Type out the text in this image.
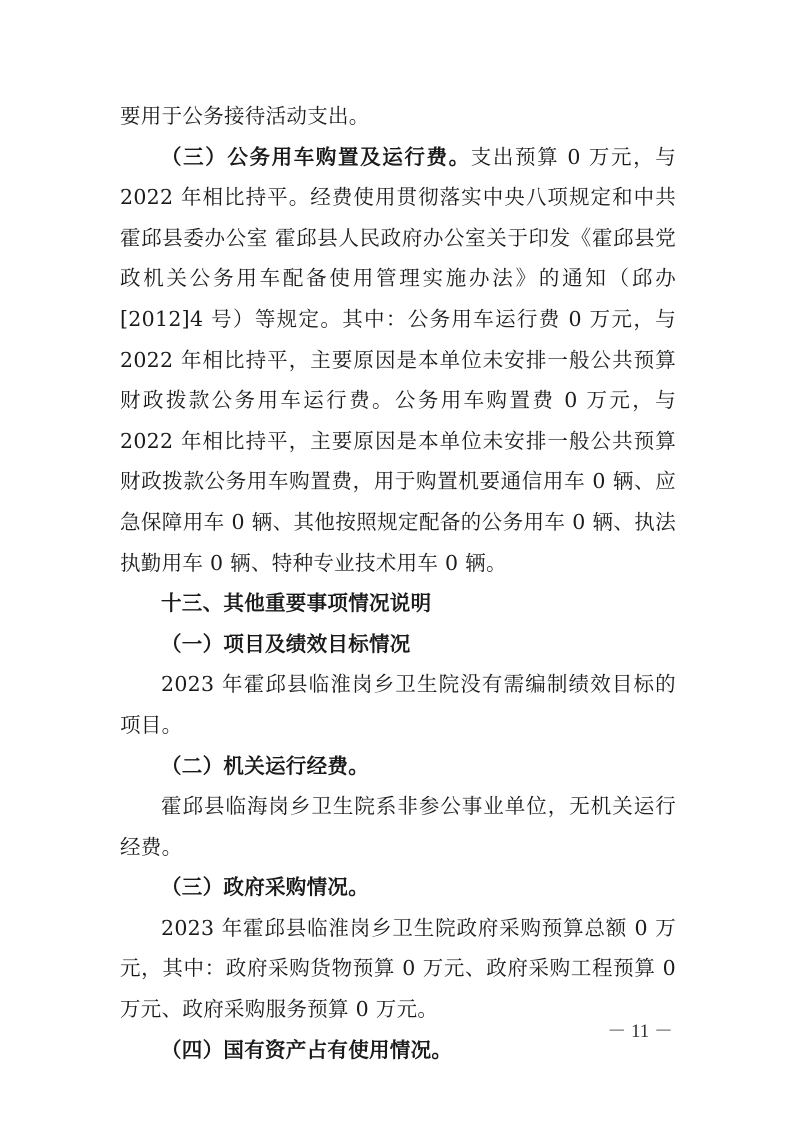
要用于公务接待活动支出。

（三）公务用车购置及运行费。支出预算 0 万元，与 2022 年相比持平。经费使用贯彻落实中央八项规定和中共霍邱县委办公室 霍邱县人民政府办公室关于印发《霍邱县党政机关公务用车配备使用管理实施办法》的通知（邱办[2012]4 号）等规定。其中：公务用车运行费 0 万元，与 2022 年相比持平，主要原因是本单位未安排一般公共预算财政拨款公务用车运行费。公务用车购置费 0 万元，与 2022 年相比持平，主要原因是本单位未安排一般公共预算财政拨款公务用车购置费，用于购置机要通信用车 0 辆、应急保障用车 0 辆、其他按照规定配备的公务用车 0 辆、执法执勤用车 0 辆、特种专业技术用车 0 辆。

十三、其他重要事项情况说明

（一）项目及绩效目标情况

2023 年霍邱县临淮岗乡卫生院没有需编制绩效目标的项目。

（二）机关运行经费。

霍邱县临海岗乡卫生院系非参公事业单位，无机关运行经费。

（三）政府采购情况。

2023 年霍邱县临淮岗乡卫生院政府采购预算总额 0 万元，其中：政府采购货物预算 0 万元、政府采购工程预算 0 万元、政府采购服务预算 0 万元。

（四）国有资产占有使用情况。

－ 11 －
